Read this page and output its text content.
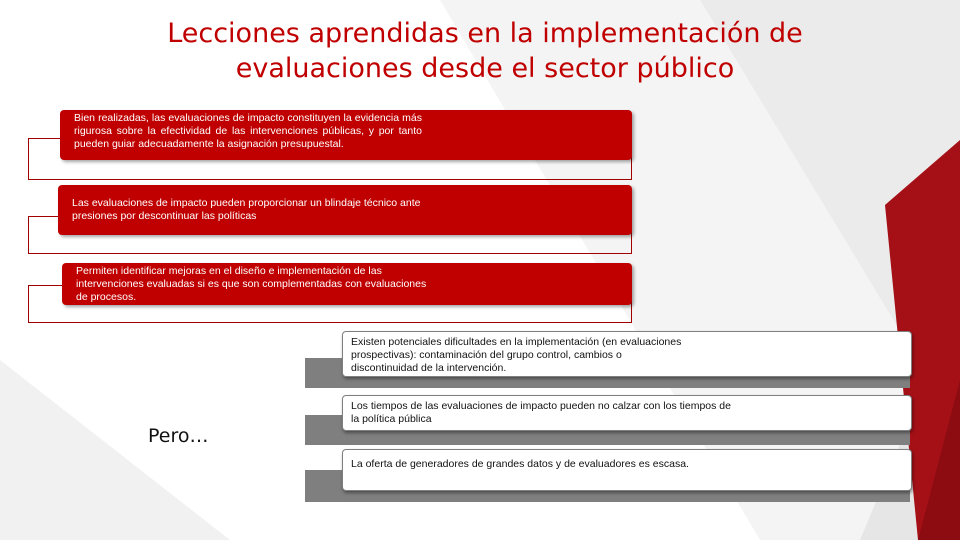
Lecciones aprendidas en la implementación de
evaluaciones desde el sector público
Bien realizadas, las evaluaciones de impacto constituyen la evidencia más rigurosa sobre la efectividad de las intervenciones públicas, y por tanto pueden guiar adecuadamente la asignación presupuestal.
Las evaluaciones de impacto pueden proporcionar un blindaje técnico ante presiones por descontinuar las políticas
Permiten identificar mejoras en el diseño e implementación de las intervenciones evaluadas si es que son complementadas con evaluaciones de procesos.
Pero…
Existen potenciales dificultades en la implementación (en evaluaciones prospectivas): contaminación del grupo control, cambios o discontinuidad de la intervención.
Los tiempos de las evaluaciones de impacto pueden no calzar con los tiempos de la política pública
La oferta de generadores de grandes datos y de evaluadores es escasa.
